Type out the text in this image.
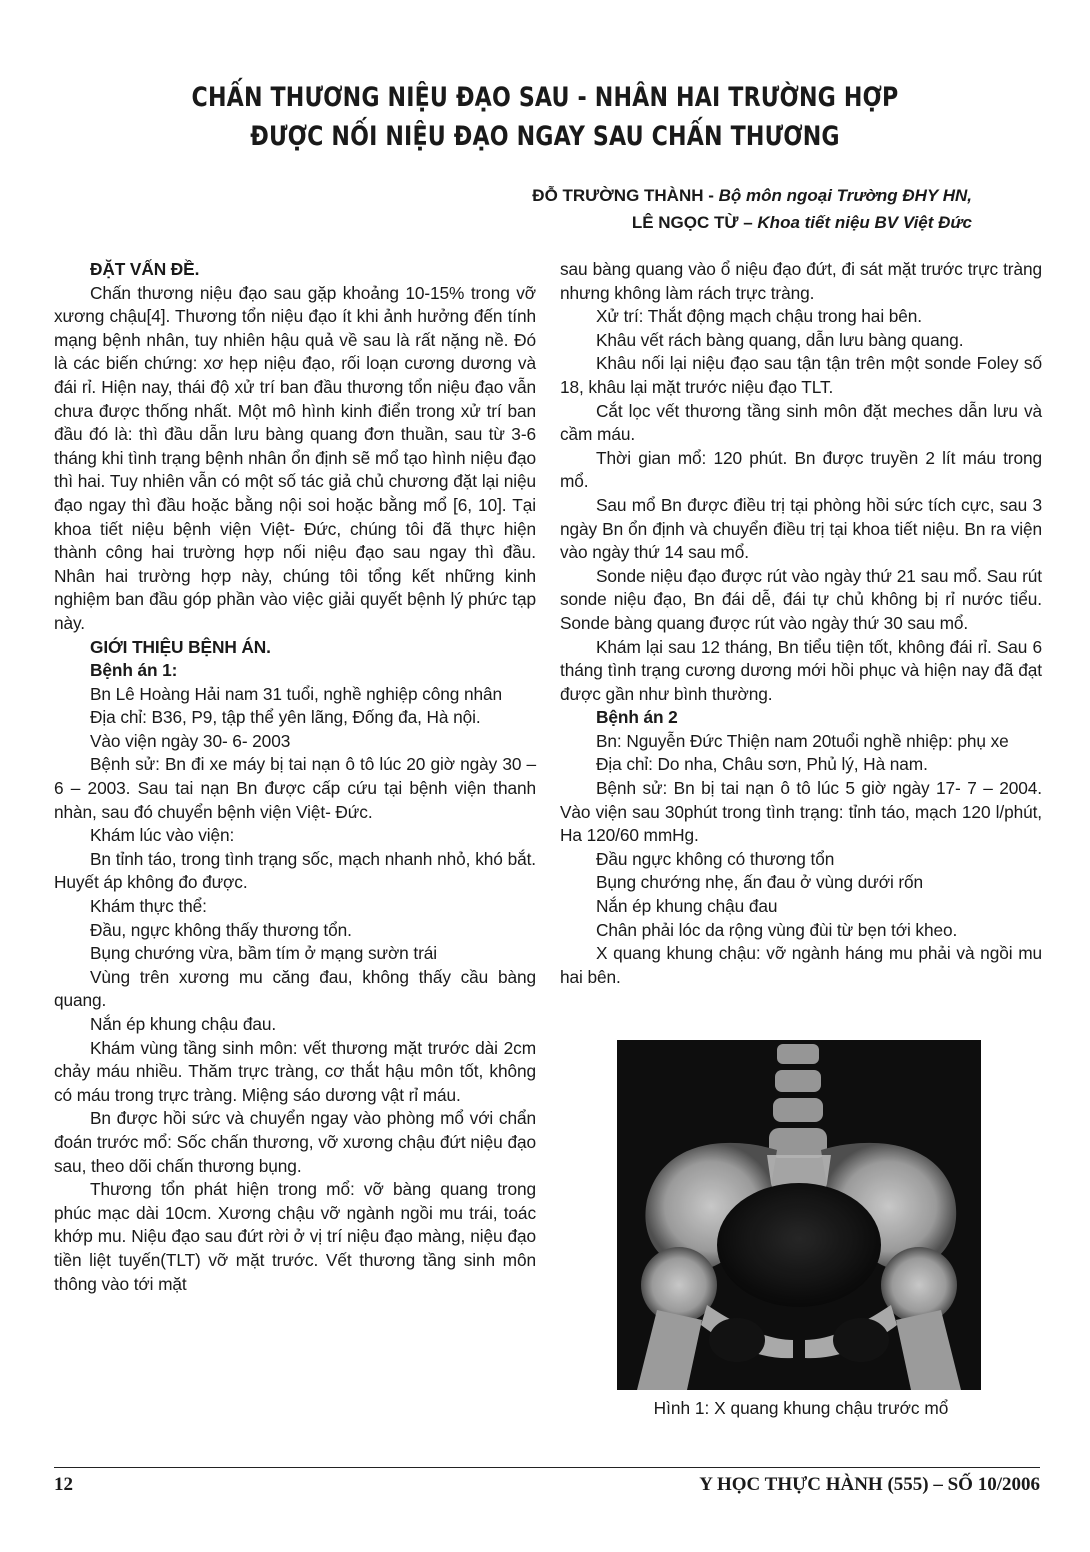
CHẤN THƯƠNG NIỆU ĐẠO SAU - NHÂN HAI TRƯỜNG HỢP
ĐƯỢC NỐI NIỆU ĐẠO NGAY SAU CHẤN THƯƠNG
ĐỖ TRƯỜNG THÀNH - Bộ môn ngoại Trường ĐHY HN,
LÊ NGỌC TỪ – Khoa tiết niệu BV Việt Đức

ĐẶT VẤN ĐỀ.

Chấn thương niệu đạo sau gặp khoảng 10-15% trong vỡ xương chậu[4]. Thương tổn niệu đạo ít khi ảnh hưởng đến tính mạng bệnh nhân, tuy nhiên hậu quả về sau là rất nặng nề. Đó là các biến chứng: xơ hẹp niệu đạo, rối loạn cương dương và đái rỉ. Hiện nay, thái độ xử trí ban đầu thương tổn niệu đạo vẫn chưa được thống nhất. Một mô hình kinh điển trong xử trí ban đầu đó là: thì đầu dẫn lưu bàng quang đơn thuần, sau từ 3-6 tháng khi tình trạng bệnh nhân ổn định sẽ mổ tạo hình niệu đạo thì hai. Tuy nhiên vẫn có một số tác giả chủ chương đặt lại niệu đạo ngay thì đầu hoặc bằng nội soi hoặc bằng mổ [6, 10]. Tại khoa tiết niệu bệnh viện Việt- Đức, chúng tôi đã thực hiện thành công hai trường hợp nối niệu đạo sau ngay thì đầu. Nhân hai trường hợp này, chúng tôi tổng kết những kinh nghiệm ban đầu góp phần vào việc giải quyết bệnh lý phức tạp này.

GIỚI THIỆU BỆNH ÁN.

Bệnh án 1:

Bn Lê Hoàng Hải nam 31 tuổi, nghề nghiệp công nhân

Địa chỉ: B36, P9, tập thể yên lãng, Đống đa, Hà nội.

Vào viện ngày 30- 6- 2003

Bệnh sử: Bn đi xe máy bị tai nạn ô tô lúc 20 giờ ngày 30 – 6 – 2003. Sau tai nạn Bn được cấp cứu tại bệnh viện thanh nhàn, sau đó chuyển bệnh viện Việt- Đức.

Khám lúc vào viện:

Bn tỉnh táo, trong tình trạng sốc, mạch nhanh nhỏ, khó bắt. Huyết áp không đo được.

Khám thực thể:

Đầu, ngực không thấy thương tổn.

Bụng chướng vừa, bầm tím ở mạng sườn trái

Vùng trên xương mu căng đau, không thấy cầu bàng quang.

Nắn ép khung chậu đau.

Khám vùng tầng sinh môn: vết thương mặt trước dài 2cm chảy máu nhiều. Thăm trực tràng, cơ thắt hậu môn tốt, không có máu trong trực tràng. Miệng sáo dương vật rỉ máu.

Bn được hồi sức và chuyển ngay vào phòng mổ với chẩn đoán trước mổ: Sốc chấn thương, vỡ xương chậu đứt niệu đạo sau, theo dõi chấn thương bụng.

Thương tổn phát hiện trong mổ: vỡ bàng quang trong phúc mạc dài 10cm. Xương chậu vỡ ngành ngồi mu trái, toác khớp mu. Niệu đạo sau đứt rời ở vị trí niệu đạo màng, niệu đạo tiền liệt tuyến(TLT) vỡ mặt trước. Vết thương tầng sinh môn thông vào tới mặt

sau bàng quang vào ổ niệu đạo đứt, đi sát mặt trước trực tràng nhưng không làm rách trực tràng.

Xử trí: Thắt động mạch chậu trong hai bên.

Khâu vết rách bàng quang, dẫn lưu bàng quang.

Khâu nối lại niệu đạo sau tận tận trên một sonde Foley số 18, khâu lại mặt trước niệu đạo TLT.

Cắt lọc vết thương tầng sinh môn đặt meches dẫn lưu và cầm máu.

Thời gian mổ: 120 phút. Bn được truyền 2 lít máu trong mổ.

Sau mổ Bn được điều trị tại phòng hồi sức tích cực, sau 3 ngày Bn ổn định và chuyển điều trị tại khoa tiết niệu. Bn ra viện vào ngày thứ 14 sau mổ.

Sonde niệu đạo được rút vào ngày thứ 21 sau mổ. Sau rút sonde niệu đạo, Bn đái dễ, đái tự chủ không bị rỉ nước tiểu. Sonde bàng quang được rút vào ngày thứ 30 sau mổ.

Khám lại sau 12 tháng, Bn tiểu tiện tốt, không đái rỉ. Sau 6 tháng tình trạng cương dương mới hồi phục và hiện nay đã đạt được gần như bình thường.

Bệnh án 2

Bn: Nguyễn Đức Thiện nam 20tuổi nghề nhiệp: phụ xe

Địa chỉ: Do nha, Châu sơn, Phủ lý, Hà nam.

Bệnh sử: Bn bị tai nạn ô tô lúc 5 giờ ngày 17- 7 – 2004. Vào viện sau 30phút trong tình trạng: tỉnh táo, mạch 120 l/phút, Ha 120/60 mmHg.

Đầu ngực không có thương tổn

Bụng chướng nhẹ, ấn đau ở vùng dưới rốn

Nắn ép khung chậu đau

Chân phải lóc da rộng vùng đùi từ bẹn tới kheo.

X quang khung chậu: vỡ ngành háng mu phải và ngồi mu hai bên.

Hình 1: X quang khung chậu trước mổ
12	Y HỌC THỰC HÀNH (555) – SỐ 10/2006
